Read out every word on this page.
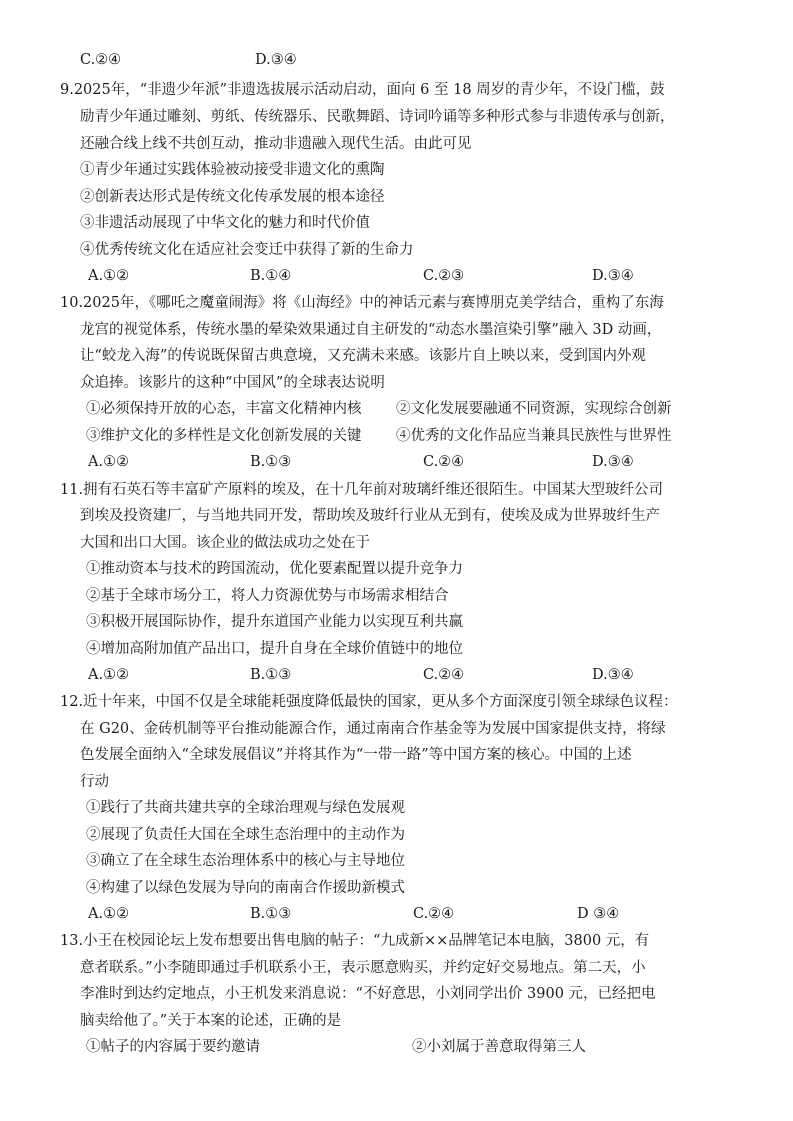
C.②④	D.③④
9.2025年，“非遗少年派”非遗选拔展示活动启动，面向 6 至 18 周岁的青少年，不设门槛，鼓
励青少年通过雕刻、剪纸、传统器乐、民歌舞蹈、诗词吟诵等多种形式参与非遗传承与创新，
还融合线上线不共创互动，推动非遗融入现代生活。由此可见
①青少年通过实践体验被动接受非遗文化的熏陶
②创新表达形式是传统文化传承发展的根本途径
③非遗活动展现了中华文化的魅力和时代价值
④优秀传统文化在适应社会变迁中获得了新的生命力
A.①②	B.①④	C.②③	D.③④
10.2025年，《哪吒之魔童闹海》将《山海经》中的神话元素与赛博朋克美学结合，重构了东海
龙宫的视觉体系，传统水墨的晕染效果通过自主研发的“动态水墨渲染引擎”融入 3D 动画，
让“蛟龙入海”的传说既保留古典意境，又充满未来感。该影片自上映以来，受到国内外观
众追捧。该影片的这种“中国风”的全球表达说明
①必须保持开放的心态，丰富文化精神内核 ②文化发展要融通不同资源，实现综合创新
③维护文化的多样性是文化创新发展的关键 ④优秀的文化作品应当兼具民族性与世界性
A.①②	B.①③	C.②④	D.③④
11.拥有石英石等丰富矿产原料的埃及，在十几年前对玻璃纤维还很陌生。中国某大型玻纤公司
到埃及投资建厂，与当地共同开发，帮助埃及玻纤行业从无到有，使埃及成为世界玻纤生产
大国和出口大国。该企业的做法成功之处在于
①推动资本与技术的跨国流动，优化要素配置以提升竞争力
②基于全球市场分工，将人力资源优势与市场需求相结合
③积极开展国际协作，提升东道国产业能力以实现互利共赢
④增加高附加值产品出口，提升自身在全球价值链中的地位
A.①②	B.①③	C.②④	D.③④
12.近十年来，中国不仅是全球能耗强度降低最快的国家，更从多个方面深度引领全球绿色议程：
在 G20、金砖机制等平台推动能源合作，通过南南合作基金等为发展中国家提供支持，将绿
色发展全面纳入“全球发展倡议”并将其作为“一带一路”等中国方案的核心。中国的上述
行动
①践行了共商共建共享的全球治理观与绿色发展观
②展现了负责任大国在全球生态治理中的主动作为
③确立了在全球生态治理体系中的核心与主导地位
④构建了以绿色发展为导向的南南合作援助新模式
A.①②	B.①③	C.②④	D ③④
13.小王在校园论坛上发布想要出售电脑的帖子：“九成新××品牌笔记本电脑，3800 元，有
意者联系。”小李随即通过手机联系小王，表示愿意购买，并约定好交易地点。第二天，小
李准时到达约定地点，小王机发来消息说：“不好意思，小刘同学出价 3900 元，已经把电
脑卖给他了。”关于本案的论述，正确的是
①帖子的内容属于要约邀请	②小刘属于善意取得第三人
